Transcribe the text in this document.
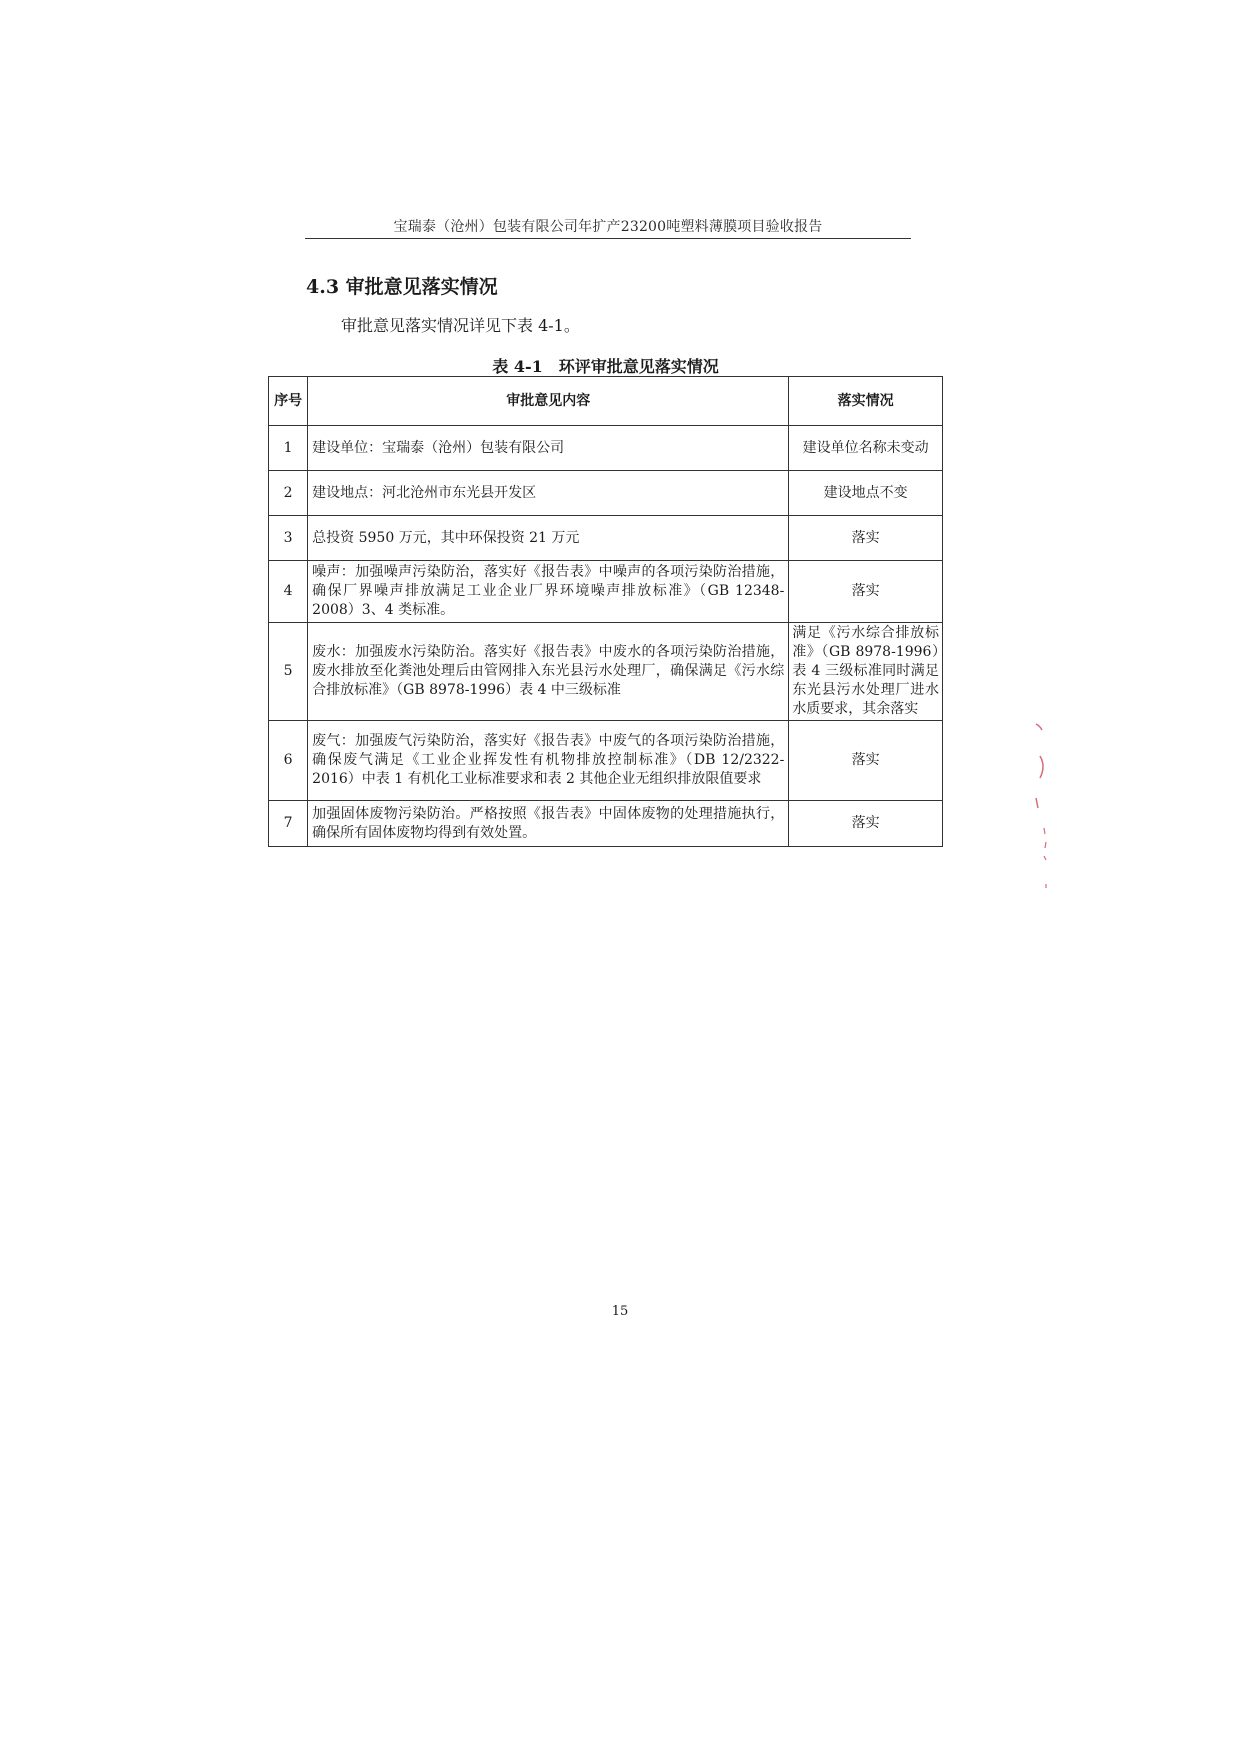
宝瑞泰（沧州）包装有限公司年扩产23200吨塑料薄膜项目验收报告
4.3 审批意见落实情况
审批意见落实情况详见下表 4-1。
表 4-1　环评审批意见落实情况
序号	审批意见内容	落实情况
1	建设单位：宝瑞泰（沧州）包装有限公司	建设单位名称未变动
2	建设地点：河北沧州市东光县开发区	建设地点不变
3	总投资 5950 万元，其中环保投资 21 万元	落实
4	噪声：加强噪声污染防治，落实好《报告表》中噪声的各项污染防治措施，确保厂界噪声排放满足工业企业厂界环境噪声排放标准》（GB 12348-2008）3、4 类标准。	落实
5	废水：加强废水污染防治。落实好《报告表》中废水的各项污染防治措施，废水排放至化粪池处理后由管网排入东光县污水处理厂，确保满足《污水综合排放标准》（GB 8978-1996）表 4 中三级标准	满足《污水综合排放标准》（GB 8978-1996）表 4 三级标准同时满足东光县污水处理厂进水水质要求，其余落实
6	废气：加强废气污染防治，落实好《报告表》中废气的各项污染防治措施，确保废气满足《工业企业挥发性有机物排放控制标准》（DB 12/2322-2016）中表 1 有机化工业标准要求和表 2 其他企业无组织排放限值要求	落实
7	加强固体废物污染防治。严格按照《报告表》中固体废物的处理措施执行，确保所有固体废物均得到有效处置。	落实
15
